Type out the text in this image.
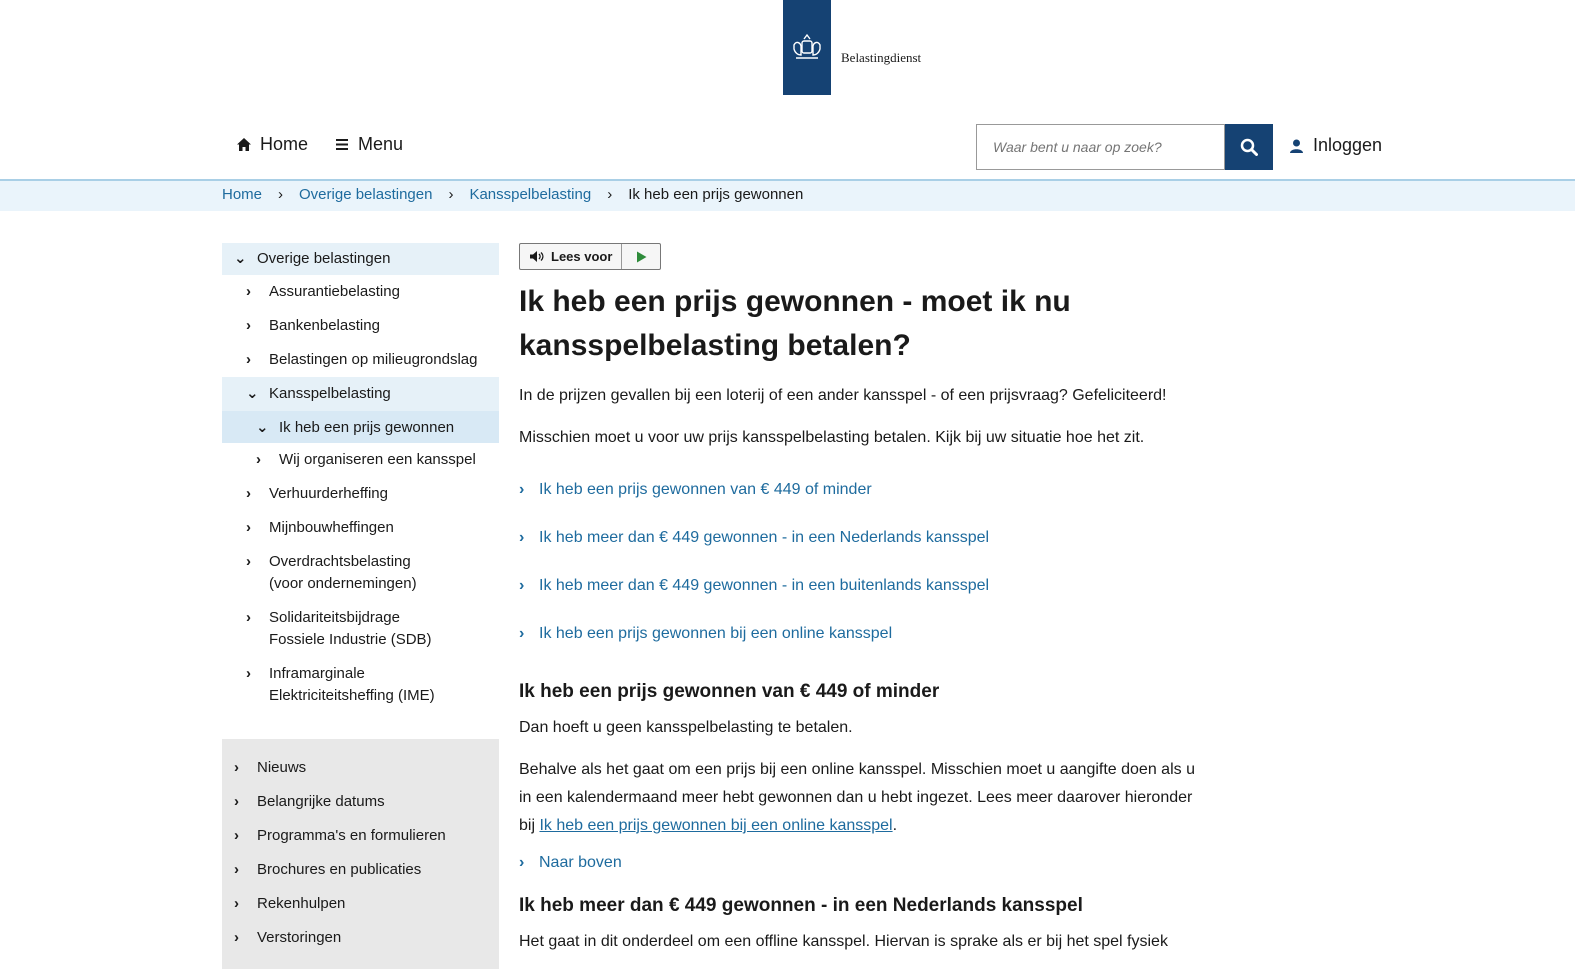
Belastingdienst
Home	Menu
Waar bent u naar op zoek?	Inloggen
Home › Overige belastingen › Kansspelbelasting › Ik heb een prijs gewonnen
⌄ Overige belastingen
›	Assurantiebelasting
›	Bankenbelasting
›	Belastingen op milieugrondslag
⌄ Kansspelbelasting
⌄ Ik heb een prijs gewonnen
›	Wij organiseren een kansspel
›	Verhuurderheffing
›	Mijnbouwheffingen
›	Overdrachtsbelasting (voor ondernemingen)
›	Solidariteitsbijdrage Fossiele Industrie (SDB)
›	Inframarginale Elektriciteitsheffing (IME)
›	Nieuws
›	Belangrijke datums
›	Programma's en formulieren
›	Brochures en publicaties
›	Rekenhulpen
›	Verstoringen
Lees voor
Ik heb een prijs gewonnen - moet ik nu kansspelbelasting betalen?

In de prijzen gevallen bij een loterij of een ander kansspel - of een prijsvraag? Gefeliciteerd!

Misschien moet u voor uw prijs kansspelbelasting betalen. Kijk bij uw situatie hoe het zit.

› Ik heb een prijs gewonnen van € 449 of minder
› Ik heb meer dan € 449 gewonnen - in een Nederlands kansspel
› Ik heb meer dan € 449 gewonnen - in een buitenlands kansspel
› Ik heb een prijs gewonnen bij een online kansspel
Ik heb een prijs gewonnen van € 449 of minder

Dan hoeft u geen kansspelbelasting te betalen.

Behalve als het gaat om een prijs bij een online kansspel. Misschien moet u aangifte doen als u in een kalendermaand meer hebt gewonnen dan u hebt ingezet. Lees meer daarover hieronder bij Ik heb een prijs gewonnen bij een online kansspel.

› Naar boven
Ik heb meer dan € 449 gewonnen - in een Nederlands kansspel

Het gaat in dit onderdeel om een offline kansspel. Hiervan is sprake als er bij het spel fysiek
